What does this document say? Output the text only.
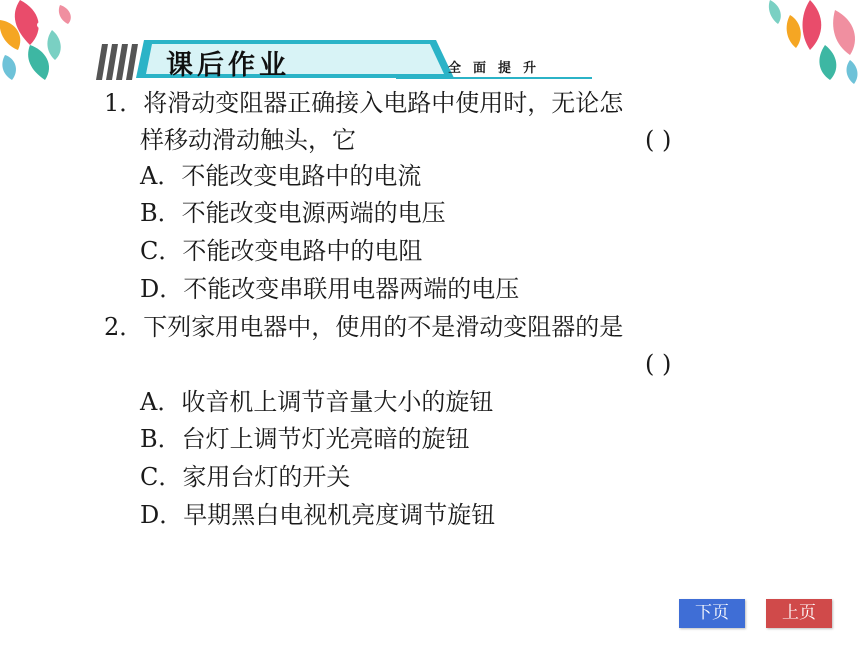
课后作业	全面提升
1．将滑动变阻器正确接入电路中使用时，无论怎
样移动滑动触头，它	( )
A．不能改变电路中的电流
B．不能改变电源两端的电压
C．不能改变电路中的电阻
D．不能改变串联用电器两端的电压
2．下列家用电器中，使用的不是滑动变阻器的是
( )
A．收音机上调节音量大小的旋钮
B．台灯上调节灯光亮暗的旋钮
C．家用台灯的开关
D．早期黑白电视机亮度调节旋钮
下页	上页
